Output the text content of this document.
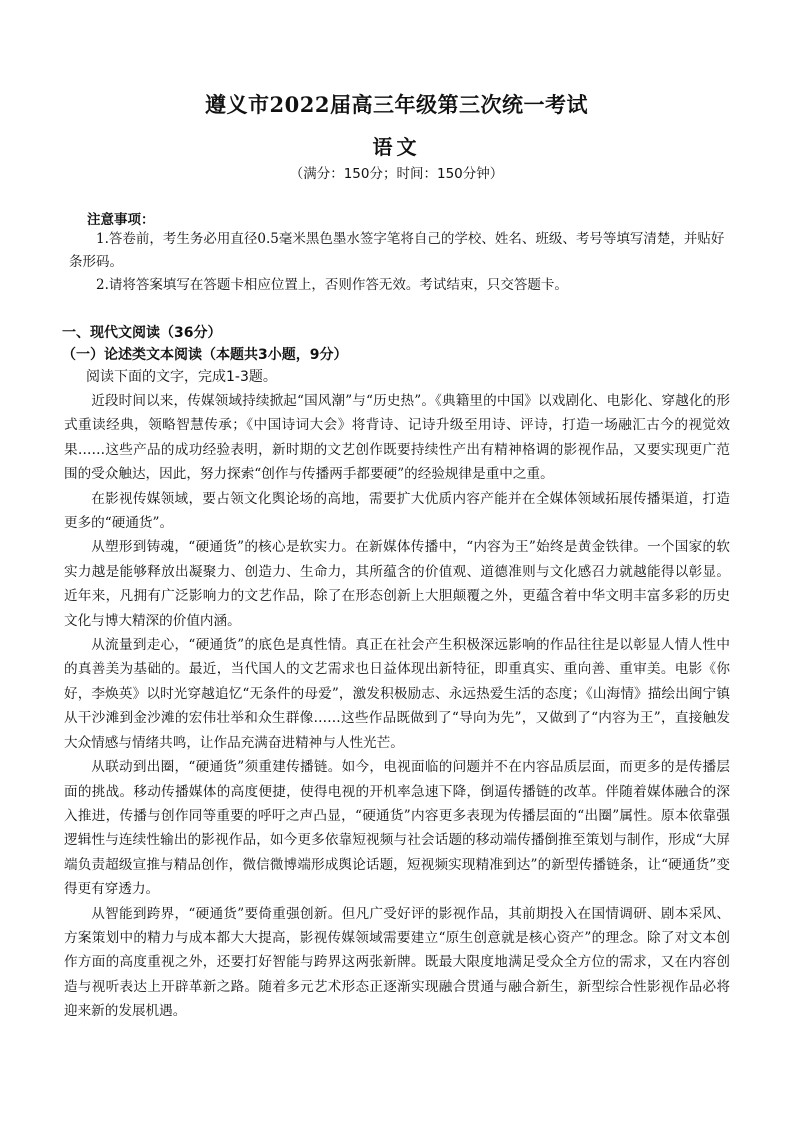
遵义市2022届高三年级第三次统一考试
语文
（满分：150分；时间：150分钟）
注意事项：
1.答卷前，考生务必用直径0.5毫米黑色墨水签字笔将自己的学校、姓名、班级、考号等填写清楚，并贴好条形码。
2.请将答案填写在答题卡相应位置上，否则作答无效。考试结束，只交答题卡。
一、现代文阅读（36分）
（一）论述类文本阅读（本题共3小题，9分）
阅读下面的文字，完成1-3题。

近段时间以来，传媒领域持续掀起“国风潮”与“历史热”。《典籍里的中国》以戏剧化、电影化、穿越化的形式重读经典，领略智慧传承；《中国诗词大会》将背诗、记诗升级至用诗、评诗，打造一场融汇古今的视觉效果……这些产品的成功经验表明，新时期的文艺创作既要持续性产出有精神格调的影视作品，又要实现更广范围的受众触达，因此，努力探索“创作与传播两手都要硬”的经验规律是重中之重。

在影视传媒领域，要占领文化舆论场的高地，需要扩大优质内容产能并在全媒体领域拓展传播渠道，打造更多的“硬通货”。

从塑形到铸魂，“硬通货”的核心是软实力。在新媒体传播中，“内容为王”始终是黄金铁律。一个国家的软实力越是能够释放出凝聚力、创造力、生命力，其所蕴含的价值观、道德准则与文化感召力就越能得以彰显。近年来，凡拥有广泛影响力的文艺作品，除了在形态创新上大胆颠覆之外，更蕴含着中华文明丰富多彩的历史文化与博大精深的价值内涵。

从流量到走心，“硬通货”的底色是真性情。真正在社会产生积极深远影响的作品往往是以彰显人情人性中的真善美为基础的。最近，当代国人的文艺需求也日益体现出新特征，即重真实、重向善、重审美。电影《你好，李焕英》以时光穿越追忆“无条件的母爱”，激发积极励志、永远热爱生活的态度；《山海情》描绘出闽宁镇从干沙滩到金沙滩的宏伟壮举和众生群像……这些作品既做到了“导向为先”，又做到了“内容为王”，直接触发大众情感与情绪共鸣，让作品充满奋进精神与人性光芒。

从联动到出圈，“硬通货”须重建传播链。如今，电视面临的问题并不在内容品质层面，而更多的是传播层面的挑战。移动传播媒体的高度便捷，使得电视的开机率急速下降，倒逼传播链的改革。伴随着媒体融合的深入推进，传播与创作同等重要的呼吁之声凸显，“硬通货”内容更多表现为传播层面的“出圈”属性。原本依靠强逻辑性与连续性输出的影视作品，如今更多依靠短视频与社会话题的移动端传播倒推至策划与制作，形成“大屏端负责超级宣推与精品创作，微信微博端形成舆论话题，短视频实现精准到达”的新型传播链条，让“硬通货”变得更有穿透力。

从智能到跨界，“硬通货”要倚重强创新。但凡广受好评的影视作品，其前期投入在国情调研、剧本采风、方案策划中的精力与成本都大大提高，影视传媒领域需要建立“原生创意就是核心资产”的理念。除了对文本创作方面的高度重视之外，还要打好智能与跨界这两张新牌。既最大限度地满足受众全方位的需求，又在内容创造与视听表达上开辟革新之路。随着多元艺术形态正逐渐实现融合贯通与融合新生，新型综合性影视作品必将迎来新的发展机遇。
